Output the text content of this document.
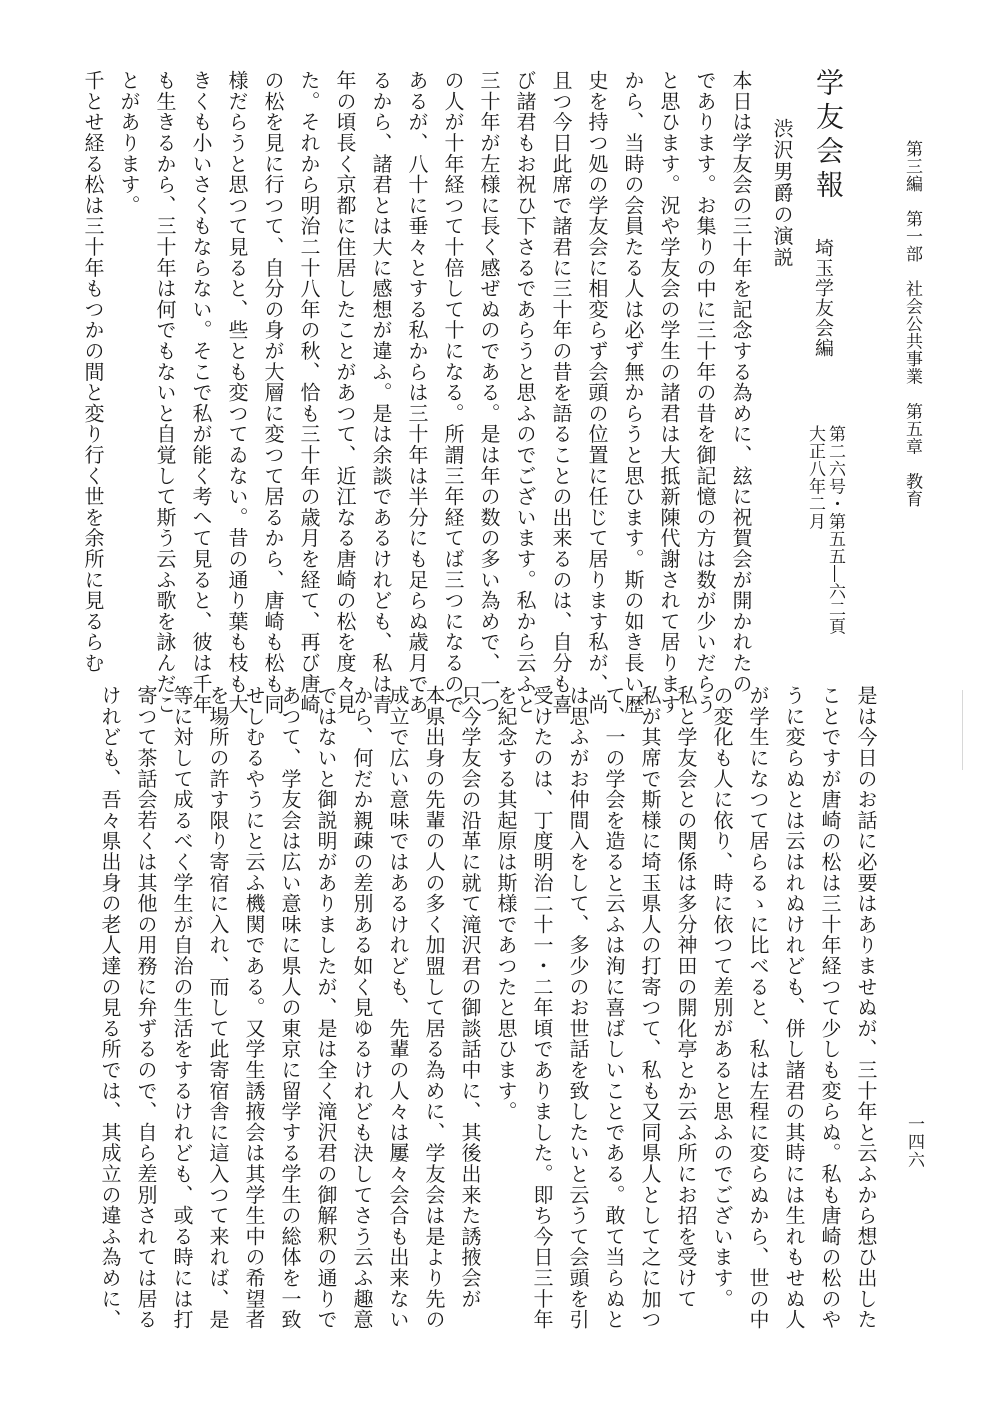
第三編　第一部　社会公共事業　第五章　教育
一四六
学友会報
埼玉学友会編
第二六号・第五五―六二頁
大正八年二月
渋沢男爵の演説
本日は学友会の三十年を記念する為めに、玆に祝賀会が開かれたの
であります。お集りの中に三十年の昔を御記憶の方は数が少いだらう
と思ひます。況や学友会の学生の諸君は大抵新陳代謝されて居ります
から、当時の会員たる人は必ず無からうと思ひます。斯の如き長い歴
史を持つ処の学友会に相変らず会頭の位置に任じて居ります私が、尚
且つ今日此席で諸君に三十年の昔を語ることの出来るのは、自分も喜
び諸君もお祝ひ下さるであらうと思ふのでございます。私から云ふと
三十年が左様に長く感ぜぬのである。是は年の数の多い為めで、一つ
の人が十年経つて十倍して十になる。所謂三年経てば三つになるので
あるが、八十に垂々とする私からは三十年は半分にも足らぬ歳月であ
るから、諸君とは大に感想が違ふ。是は余談であるけれども、私は青
年の頃長く京都に住居したことがあつて、近江なる唐崎の松を度々見
た。それから明治二十八年の秋、恰も三十年の歳月を経て、再び唐崎
の松を見に行つて、自分の身が大層に変つて居るから、唐崎も松も同
様だらうと思つて見ると、些とも変つてゐない。昔の通り葉も枝も大
きくも小いさくもならない。そこで私が能く考へて見ると、彼は千年
も生きるから、三十年は何でもないと自覚して斯う云ふ歌を詠んだこ
とがあります。
千とせ経る松は三十年もつかの間と変り行く世を余所に見るらむ
是は今日のお話に必要はありませぬが、三十年と云ふから想ひ出した
ことですが唐崎の松は三十年経つて少しも変らぬ。私も唐崎の松のや
うに変らぬとは云はれぬけれども、併し諸君の其時には生れもせぬ人
が学生になつて居らるゝに比べると、私は左程に変らぬから、世の中
の変化も人に依り、時に依つて差別があると思ふのでございます。
私と学友会との関係は多分神田の開化亭とか云ふ所にお招を受けて
私が其席で斯様に埼玉県人の打寄つて、私も又同県人として之に加つ
て、一の学会を造ると云ふは洵に喜ばしいことである。敢て当らぬと
は思ふがお仲間入をして、多少のお世話を致したいと云うて会頭を引
受けたのは、丁度明治二十一・二年頃でありました。即ち今日三十年
を紀念する其起原は斯様であつたと思ひます。
只今学友会の沿革に就て滝沢君の御談話中に、其後出来た誘掖会が
本県出身の先輩の人の多く加盟して居る為めに、学友会は是より先の
成立で広い意味ではあるけれども、先輩の人々は屢々会合も出来ない
から、何だか親疎の差別ある如く見ゆるけれども決してさう云ふ趣意
ではないと御説明がありましたが、是は全く滝沢君の御解釈の通りで
あつて、学友会は広い意味に県人の東京に留学する学生の総体を一致
せしむるやうにと云ふ機関である。又学生誘掖会は其学生中の希望者
を場所の許す限り寄宿に入れ、而して此寄宿舎に這入つて来れば、是
等に対して成るべく学生が自治の生活をするけれども、或る時には打
寄つて茶話会若くは其他の用務に弁ずるので、自ら差別されては居る
けれども、吾々県出身の老人達の見る所では、其成立の違ふ為めに、
